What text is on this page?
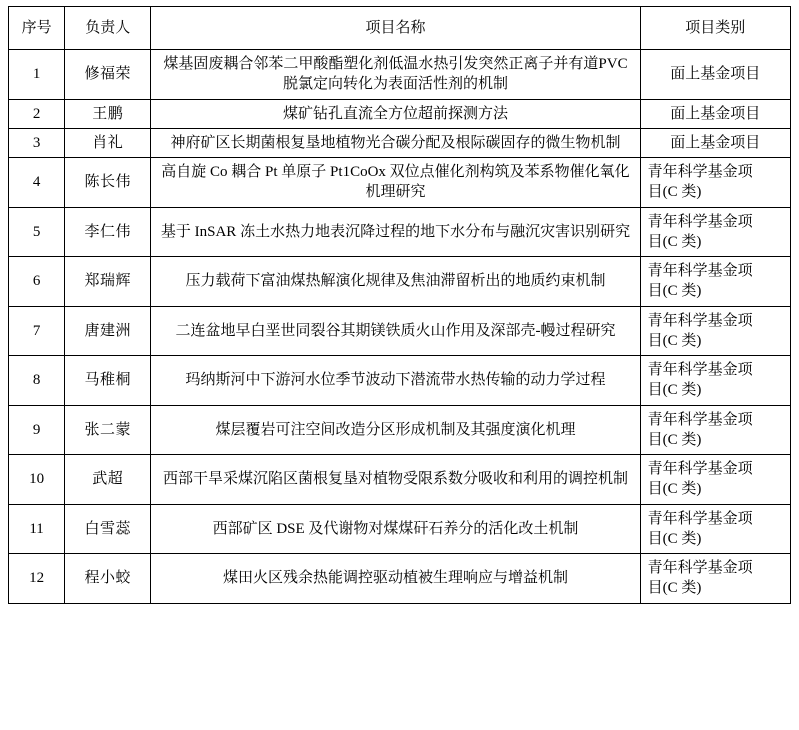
序号	负责人	项目名称	项目类别
1	修福荣	煤基固废耦合邻苯二甲酸酯塑化剂低温水热引发突然正离子并有道PVC 脱氯定向转化为表面活性剂的机制	面上基金项目
2	王鹏	煤矿钻孔直流全方位超前探测方法	面上基金项目
3	肖礼	神府矿区长期菌根复垦地植物光合碳分配及根际碳固存的微生物机制	面上基金项目
4	陈长伟	高自旋 Co 耦合 Pt 单原子 Pt1CoOx 双位点催化剂构筑及苯系物催化氧化机理研究	青年科学基金项
目(C 类)

5	李仁伟	基于 InSAR 冻土水热力地表沉降过程的地下水分布与融沉灾害识别研究	青年科学基金项
目(C 类)

6	郑瑞辉	压力载荷下富油煤热解演化规律及焦油滞留析出的地质约束机制	青年科学基金项
目(C 类)

7	唐建洲	二连盆地早白垩世同裂谷其期镁铁质火山作用及深部壳-幔过程研究	青年科学基金项
目(C 类)

8	马稚桐	玛纳斯河中下游河水位季节波动下潜流带水热传输的动力学过程	青年科学基金项
目(C 类)

9	张二蒙	煤层覆岩可注空间改造分区形成机制及其强度演化机理	青年科学基金项
目(C 类)

10	武超	西部干旱采煤沉陷区菌根复垦对植物受限系数分吸收和利用的调控机制	青年科学基金项
目(C 类)

11	白雪蕊	西部矿区 DSE 及代谢物对煤煤矸石养分的活化改土机制	青年科学基金项
目(C 类)

12	程小蛟	煤田火区残余热能调控驱动植被生理响应与增益机制	青年科学基金项
目(C 类)
